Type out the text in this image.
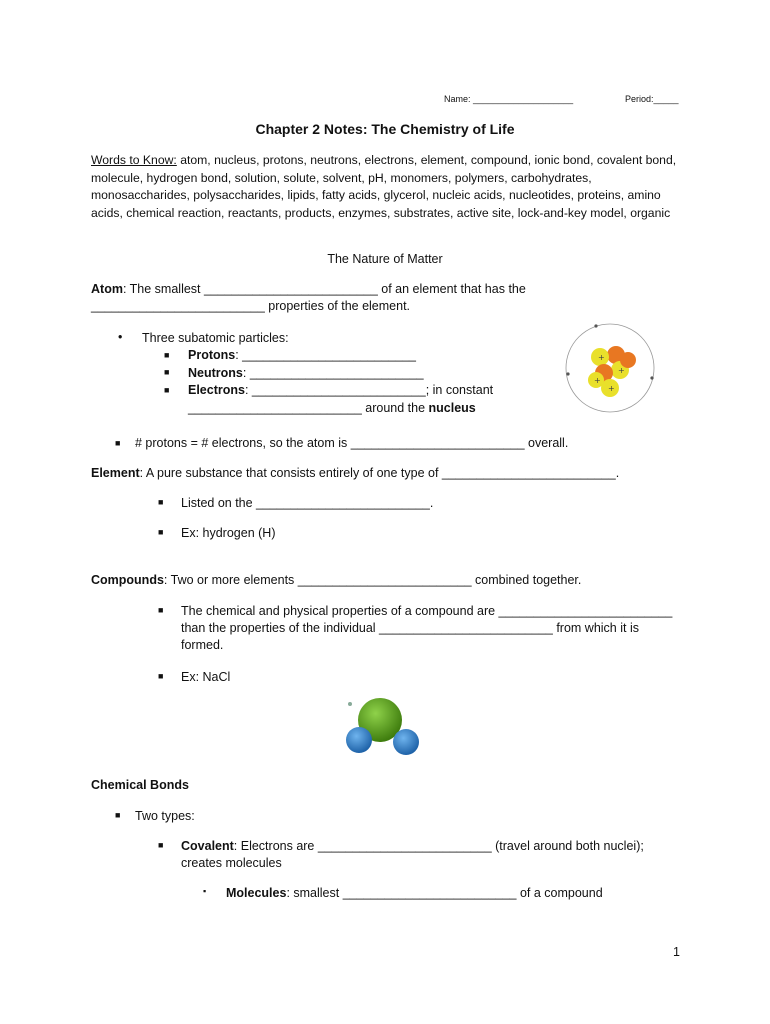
Name: ____________________	Period:_____
Chapter 2 Notes: The Chemistry of Life
Words to Know: atom, nucleus, protons, neutrons, electrons, element, compound, ionic bond, covalent bond, molecule, hydrogen bond, solution, solute, solvent, pH, monomers, polymers, carbohydrates, monosaccharides, polysaccharides, lipids, fatty acids, glycerol, nucleic acids, nucleotides, proteins, amino acids, chemical reaction, reactants, products, enzymes, substrates, active site, lock-and-key model, organic
The Nature of Matter
Atom: The smallest _________________________ of an element that has the
_________________________ properties of the element.
• Three subatomic particles:
■ Protons: _________________________
■ Neutrons: _________________________
■ Electrons: _________________________; in constant
_________________________ around the nucleus
+
+
+
+
■ # protons = # electrons, so the atom is _________________________ overall.
Element: A pure substance that consists entirely of one type of _________________________.
■ Listed on the _________________________.
■ Ex: hydrogen (H)
Compounds: Two or more elements _________________________ combined together.
■ The chemical and physical properties of a compound are _________________________
than the properties of the individual _________________________ from which it is
formed.
■ Ex: NaCl
Chemical Bonds
■ Two types:
■ Covalent: Electrons are _________________________ (travel around both nuclei);
creates molecules
▪ Molecules: smallest _________________________ of a compound
1
